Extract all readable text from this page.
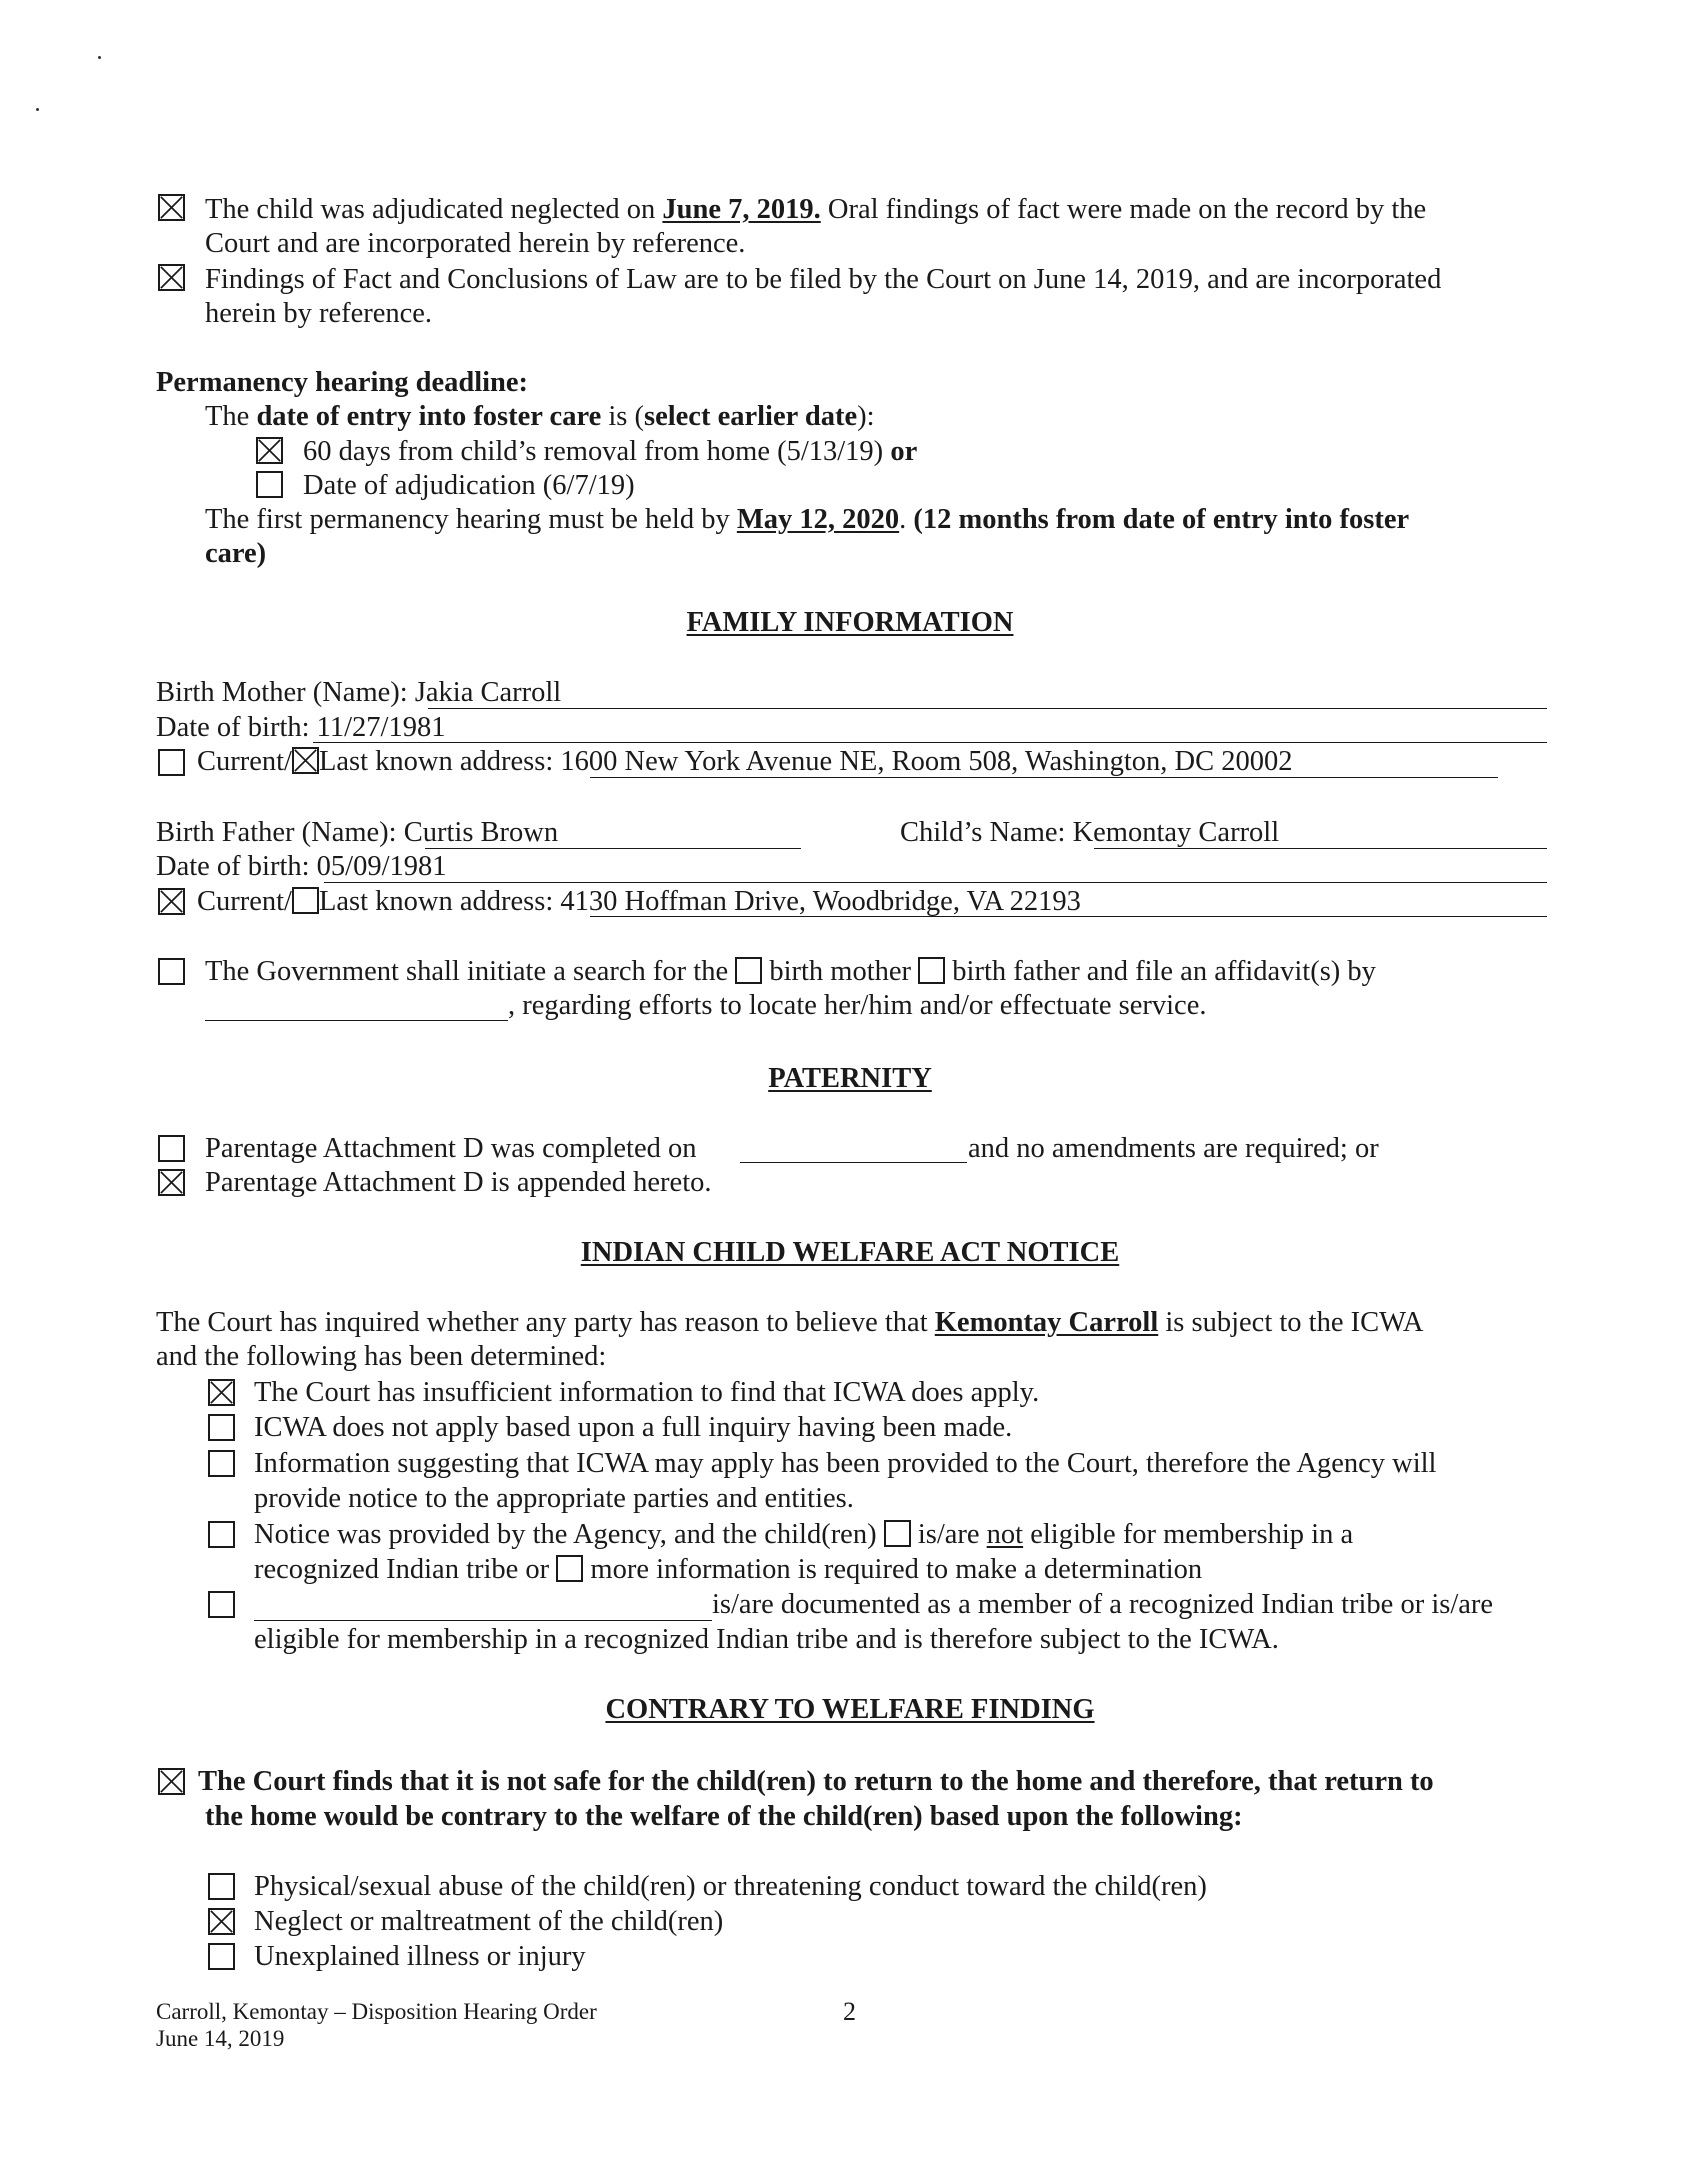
The child was adjudicated neglected on June 7, 2019. Oral findings of fact were made on the record by the
Court and are incorporated herein by reference.
Findings of Fact and Conclusions of Law are to be filed by the Court on June 14, 2019, and are incorporated
herein by reference.
Permanency hearing deadline:
The date of entry into foster care is (select earlier date):
60 days from child’s removal from home (5/13/19) or
Date of adjudication (6/7/19)
The first permanency hearing must be held by May 12, 2020. (12 months from date of entry into foster
care)
FAMILY INFORMATION
Birth Mother (Name): Jakia Carroll
Date of birth: 11/27/1981
Current/ Last known address: 1600 New York Avenue NE, Room 508, Washington, DC 20002
Birth Father (Name): Curtis Brown	Child’s Name: Kemontay Carroll
Date of birth: 05/09/1981
Current/ Last known address: 4130 Hoffman Drive, Woodbridge, VA 22193
The Government shall initiate a search for the  birth mother  birth father and file an affidavit(s) by
, regarding efforts to locate her/him and/or effectuate service.
PATERNITY
Parentage Attachment D was completed on	and no amendments are required; or
Parentage Attachment D is appended hereto.
INDIAN CHILD WELFARE ACT NOTICE
The Court has inquired whether any party has reason to believe that Kemontay Carroll is subject to the ICWA
and the following has been determined:
The Court has insufficient information to find that ICWA does apply.
ICWA does not apply based upon a full inquiry having been made.
Information suggesting that ICWA may apply has been provided to the Court, therefore the Agency will
provide notice to the appropriate parties and entities.
Notice was provided by the Agency, and the child(ren)  is/are not eligible for membership in a
recognized Indian tribe or  more information is required to make a determination
is/are documented as a member of a recognized Indian tribe or is/are
eligible for membership in a recognized Indian tribe and is therefore subject to the ICWA.
CONTRARY TO WELFARE FINDING
The Court finds that it is not safe for the child(ren) to return to the home and therefore, that return to
the home would be contrary to the welfare of the child(ren) based upon the following:
Physical/sexual abuse of the child(ren) or threatening conduct toward the child(ren)
Neglect or maltreatment of the child(ren)
Unexplained illness or injury
Carroll, Kemontay – Disposition Hearing Order
June 14, 2019
2
